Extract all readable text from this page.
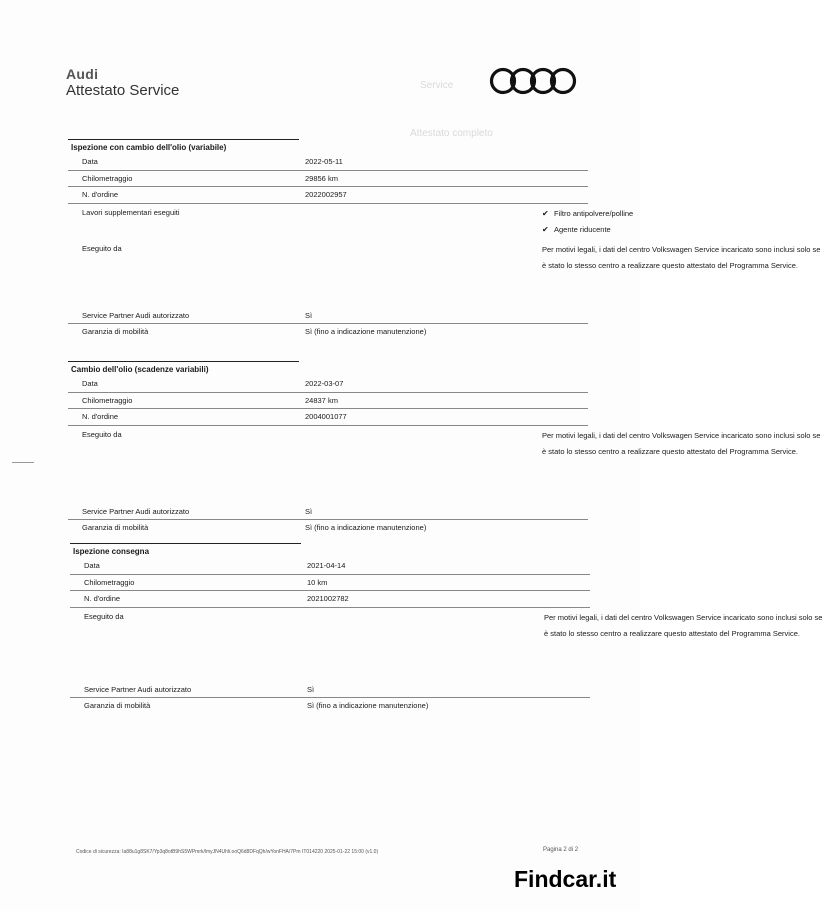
Service
Attestato completo
Audi
Attestato Service
Ispezione con cambio dell'olio (variabile)
Data	2022-05-11
Chilometraggio	29856 km
N. d'ordine	2022002957
Lavori supplementari eseguiti	✔ Filtro antipolvere/polline
✔ Agente riducente
Eseguito da	Per motivi legali, i dati del centro Volkswagen Service incaricato sono inclusi solo se è stato lo stesso centro a realizzare questo attestato del Programma Service.
Service Partner Audi autorizzato	Sì
Garanzia di mobilità	Sì (fino a indicazione manutenzione)
Cambio dell'olio (scadenze variabili)
Data	2022-03-07
Chilometraggio	24837 km
N. d'ordine	2004001077
Eseguito da	Per motivi legali, i dati del centro Volkswagen Service incaricato sono inclusi solo se è stato lo stesso centro a realizzare questo attestato del Programma Service.
Service Partner Audi autorizzato	Sì
Garanzia di mobilità	Sì (fino a indicazione manutenzione)
Ispezione consegna
Data	2021-04-14
Chilometraggio	10 km
N. d'ordine	2021002782
Eseguito da	Per motivi legali, i dati del centro Volkswagen Service incaricato sono inclusi solo se è stato lo stesso centro a realizzare questo attestato del Programma Service.
Service Partner Audi autorizzato	Sì
Garanzia di mobilità	Sì (fino a indicazione manutenzione)
Codice di sicurezza: Ia88u1g8SK7/Yp3q8otB9hS5WPmrk/lmyJN4Uhli.ooQ6d8DFqQh/wYonFHA/7Pm IT014220 2025-01-22 15:00 (v1.0)	Pagina 2 di 2
Findcar.it
